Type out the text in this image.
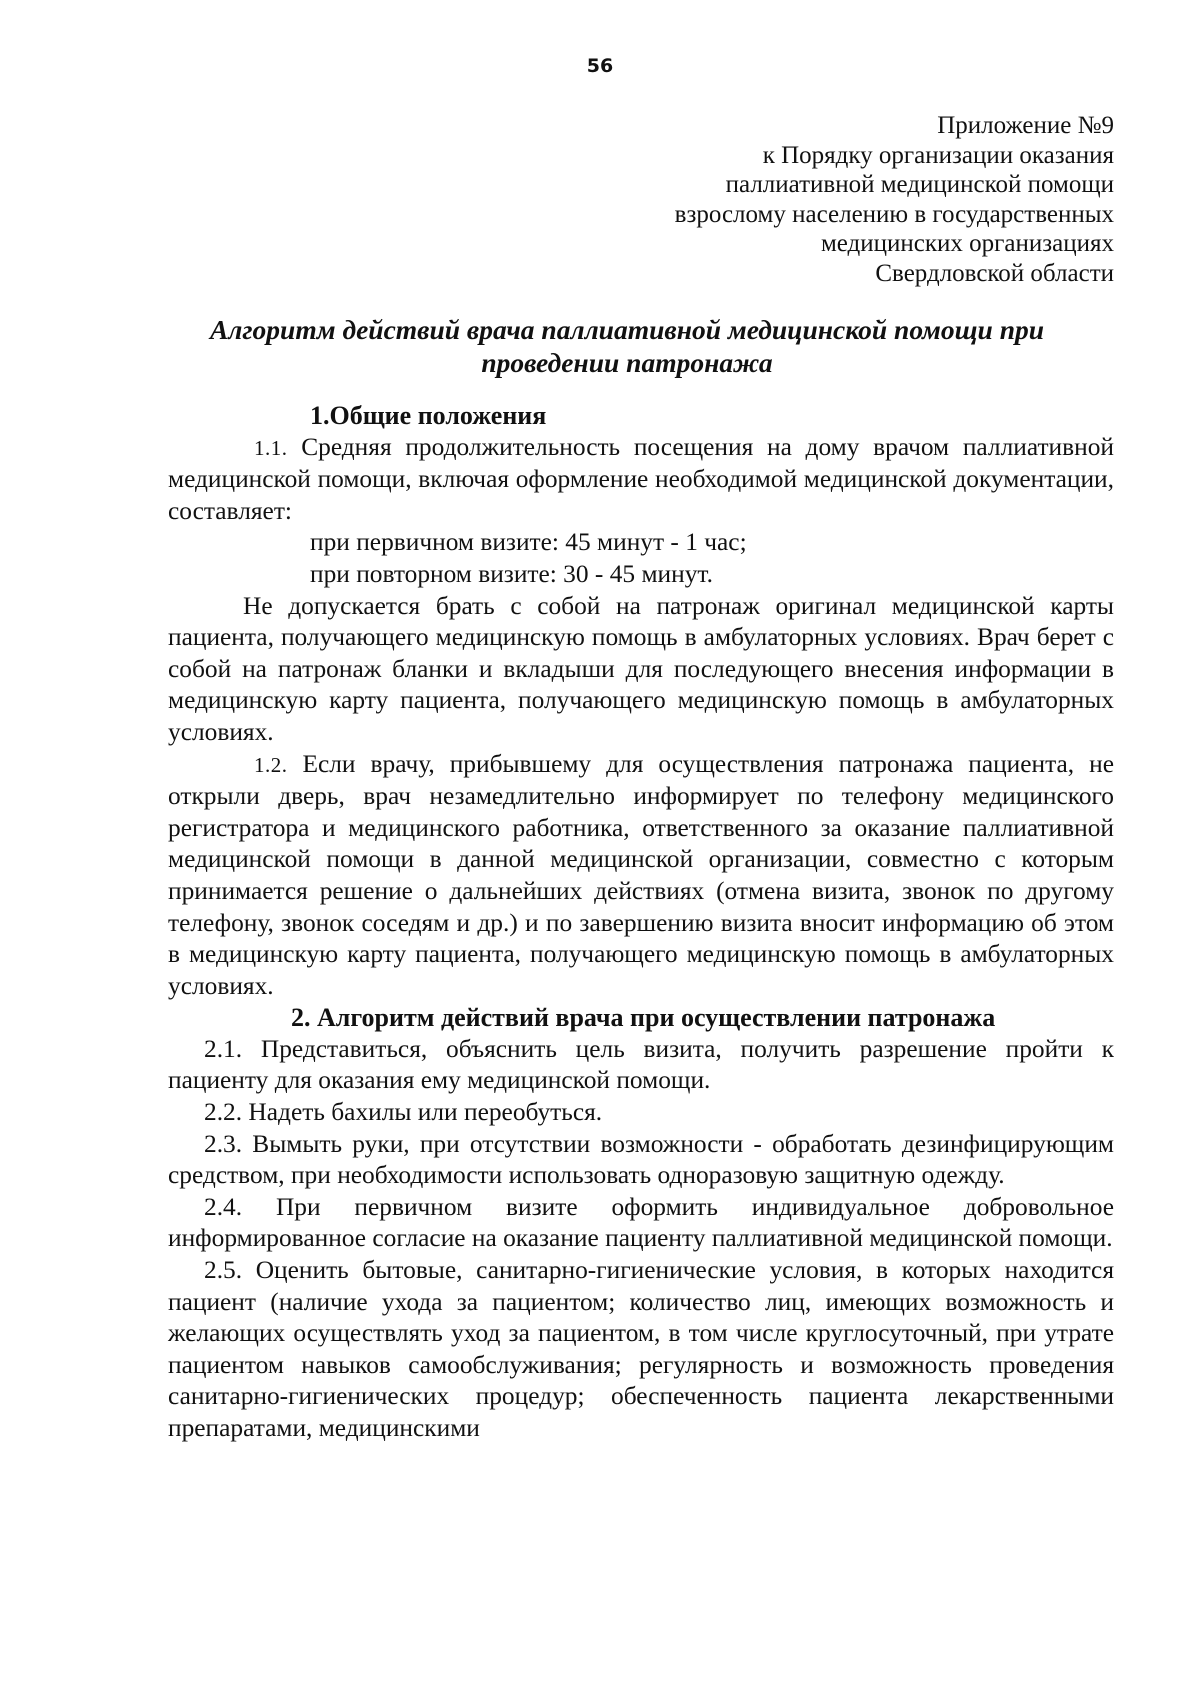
56
Приложение №9
к Порядку организации оказания
паллиативной медицинской помощи
взрослому населению в государственных
медицинских организациях
Свердловской области
Алгоритм действий врача паллиативной медицинской помощи при
проведении патронажа

1.Общие положения

1.1. Средняя продолжительность посещения на дому врачом паллиативной медицинской помощи, включая оформление необходимой медицинской документации, составляет:

при первичном визите: 45 минут - 1 час;

при повторном визите: 30 - 45 минут.

Не допускается брать с собой на патронаж оригинал медицинской карты пациента, получающего медицинскую помощь в амбулаторных условиях. Врач берет с собой на патронаж бланки и вкладыши для последующего внесения информации в медицинскую карту пациента, получающего медицинскую помощь в амбулаторных условиях.

1.2. Если врачу, прибывшему для осуществления патронажа пациента, не открыли дверь, врач незамедлительно информирует по телефону медицинского регистратора и медицинского работника, ответственного за оказание паллиативной медицинской помощи в данной медицинской организации, совместно с которым принимается решение о дальнейших действиях (отмена визита, звонок по другому телефону, звонок соседям и др.) и по завершению визита вносит информацию об этом в медицинскую карту пациента, получающего медицинскую помощь в амбулаторных условиях.

2. Алгоритм действий врача при осуществлении патронажа

2.1. Представиться, объяснить цель визита, получить разрешение пройти к пациенту для оказания ему медицинской помощи.

2.2. Надеть бахилы или переобуться.

2.3. Вымыть руки, при отсутствии возможности - обработать дезинфицирующим средством, при необходимости использовать одноразовую защитную одежду.

2.4. При первичном визите оформить индивидуальное добровольное информированное согласие на оказание пациенту паллиативной медицинской помощи.

2.5. Оценить бытовые, санитарно-гигиенические условия, в которых находится пациент (наличие ухода за пациентом; количество лиц, имеющих возможность и желающих осуществлять уход за пациентом, в том числе круглосуточный, при утрате пациентом навыков самообслуживания; регулярность и возможность проведения санитарно-гигиенических процедур; обеспеченность пациента лекарственными препаратами, медицинскими
